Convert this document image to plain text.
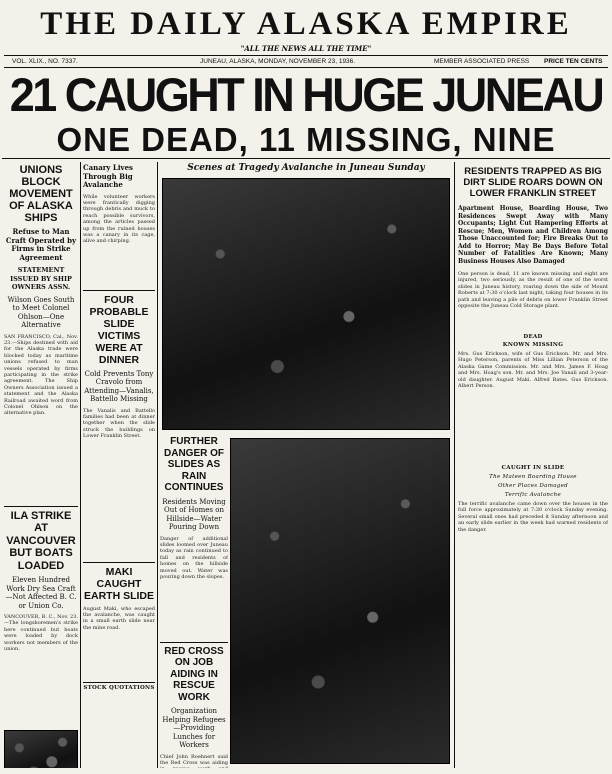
THE DAILY ALASKA EMPIRE
"ALL THE NEWS ALL THE TIME"
VOL. XLIX., NO. 7337.	JUNEAU, ALASKA, MONDAY, NOVEMBER 23, 1936.	MEMBER ASSOCIATED PRESS PRICE TEN CENTS
21 CAUGHT IN HUGE JUNEAU
ONE DEAD, 11 MISSING, NINE
UNIONS BLOCK MOVEMENT OF ALASKA SHIPS
Refuse to Man Craft Operated by Firms in Strike Agreement
STATEMENT ISSUED BY SHIP OWNERS ASSN.
Wilson Goes South to Meet Colonel Ohlson—One Alternative
SAN FRANCISCO, Cal., Nov. 23.—Ships destined with aid for the Alaska trade were blocked today as maritime unions refused to man vessels operated by firms participating in the strike agreement. The Ship Owners Association issued a statement and the Alaska Railroad awaited word from Colonel Ohlson on the alternative plan.
ILA STRIKE AT VANCOUVER BUT BOATS LOADED
Eleven Hundred Work Dry Sea Craft—Not Affected B. C. or Union Co.
VANCOUVER, B. C., Nov. 23.—The longshoremen's strike here continued but boats were loaded by dock workers not members of the union.
Canary Lives Through Big Avalanche
While volunteer workers were frantically digging through debris and muck to reach possible survivors, among the articles passed up from the ruined houses was a canary in its cage, alive and chirping.
FOUR PROBABLE SLIDE VICTIMS WERE AT DINNER
Cold Prevents Tony Cravolo from Attending—Vanalis, Battello Missing
The Vanalis and Battello families had been at dinner together when the slide struck the buildings on Lower Franklin Street.
MAKI CAUGHT EARTH SLIDE
August Maki, who escaped the avalanche, was caught in a small earth slide near the mine road.
STOCK QUOTATIONS
Scenes at Tragedy Avalanche in Juneau Sunday
FURTHER DANGER OF SLIDES AS RAIN CONTINUES
Residents Moving Out of Homes on Hillside—Water Pouring Down
Danger of additional slides loomed over Juneau today as rain continued to fall and residents of homes on the hillside moved out. Water was pouring down the slopes.
RED CROSS ON JOB AIDING IN RESCUE WORK
Organization Helping Refugees—Providing Lunches for Workers
Chief John Roehnert said the Red Cross was aiding
RESIDENTS TRAPPED AS BIG DIRT SLIDE ROARS DOWN ON LOWER FRANKLIN STREET
Apartment House, Boarding House, Two Residences Swept Away with Many Occupants; Light Cut Hampering Efforts at Rescue; Men, Women and Children Among Those Unaccounted for; Fire Breaks Out to Add to Horror; May Be Days Before Total Number of Fatalities Are Known; Many Business Houses Also Damaged
One person is dead, 11 are known missing and eight are injured, two seriously, as the result of one of the worst slides in Juneau history, roaring down the side of Mount Roberts at 7:30 o'clock last night, taking four houses in its path and leaving a pile of debris on lower Franklin Street opposite the Juneau Cold Storage plant.
DEAD
KNOWN MISSING
Mrs. Gus Erickson, wife of Gus Erickson. Mr. and Mrs. Hugo Peterson, parents of Miss Lillian Peterson of the Alaska Game Commission. Mr. and Mrs. James F. Hoag and Mrs. Hoag's son. Mr. and Mrs. Joe Vanali and 3-year-old daughter. August Maki. Alfred Bates. Gus Erickson. Albert Person.
CAUGHT IN SLIDE
The Mateen Boarding House
Other Places Damaged
Terrific Avalanche
The terrific avalanche came down over the houses in the full force approximately at 7:30 o'clock Sunday evening. Several small ones had preceded it Sunday afternoon and an early slide earlier in the week had warned residents of the danger.
